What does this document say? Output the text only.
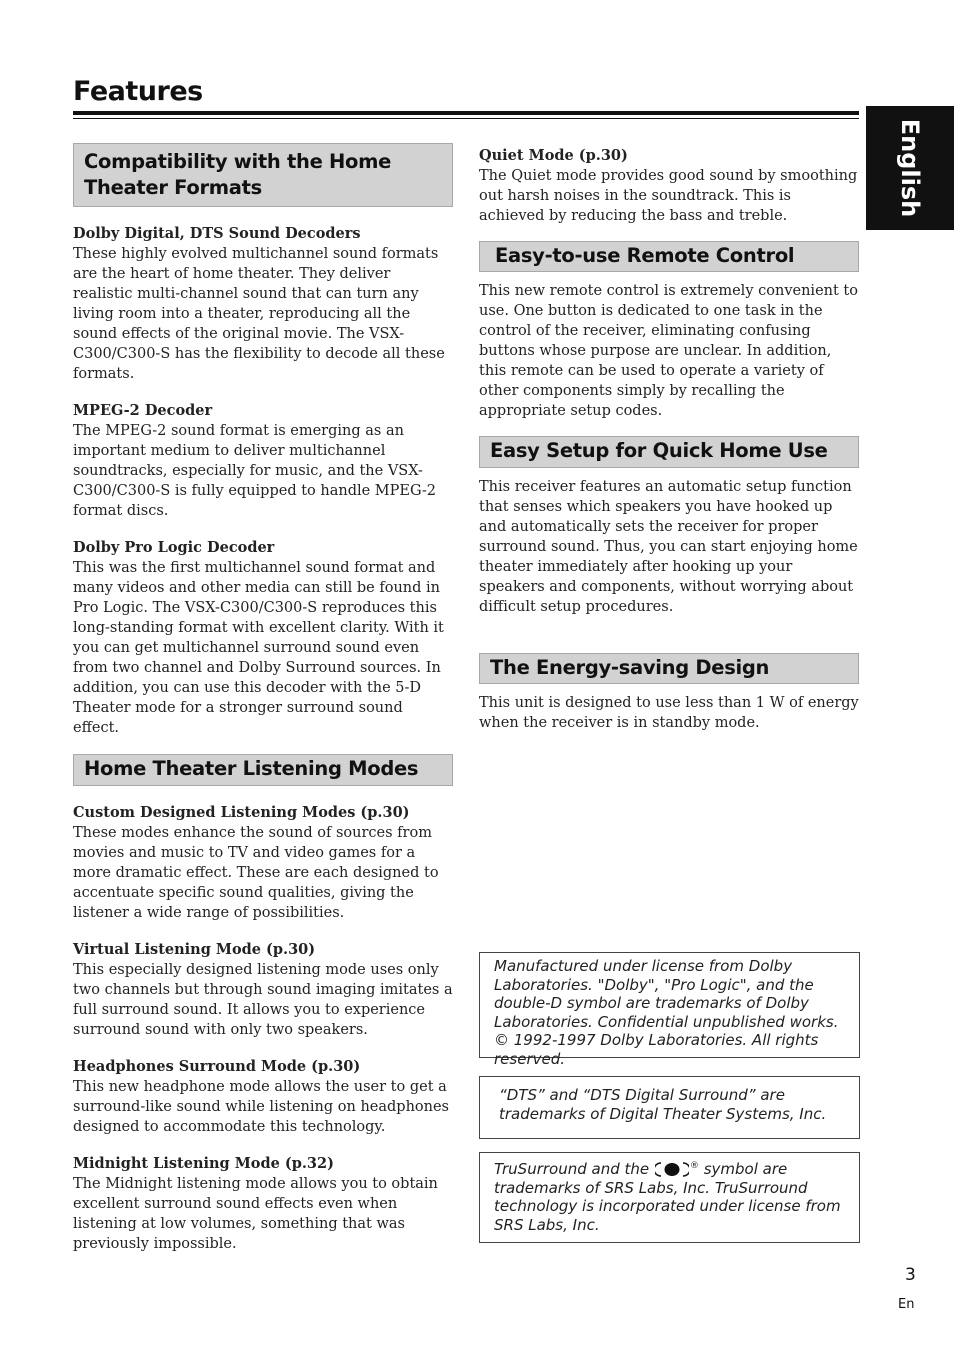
Features
English
Compatibility with the Home Theater Formats
Dolby Digital, DTS Sound Decoders
These highly evolved multichannel sound formats are the heart of home theater. They deliver realistic multi-channel sound that can turn any living room into a theater, reproducing all the sound effects of the original movie. The VSX-C300/C300-S has the flexibility to decode all these formats.
MPEG-2 Decoder
The MPEG-2 sound format is emerging as an important medium to deliver multichannel soundtracks, especially for music, and the VSX-C300/C300-S is fully equipped to handle MPEG-2 format discs.
Dolby Pro Logic Decoder
This was the first multichannel sound format and many videos and other media can still be found in Pro Logic. The VSX-C300/C300-S reproduces this long-standing format with excellent clarity. With it you can get multichannel surround sound even from two channel and Dolby Surround sources. In addition, you can use this decoder with the 5-D Theater mode for a stronger surround sound effect.
Home Theater Listening Modes
Custom Designed Listening Modes (p.30)
These modes enhance the sound of sources from movies and music to TV and video games for a more dramatic effect. These are each designed to accentuate specific sound qualities, giving the listener a wide range of possibilities.
Virtual Listening Mode (p.30)
This especially designed listening mode uses only two channels but through sound imaging imitates a full surround sound. It allows you to experience surround sound with only two speakers.
Headphones Surround Mode (p.30)
This new headphone mode allows the user to get a surround-like sound while listening on headphones designed to accommodate this technology.
Midnight Listening Mode (p.32)
The Midnight listening mode allows you to obtain excellent surround sound effects even when listening at low volumes, something that was previously impossible.
Quiet Mode (p.30)
The Quiet mode provides good sound by smoothing out harsh noises in the soundtrack. This is achieved by reducing the bass and treble.
Easy-to-use Remote Control
This new remote control is extremely convenient to use. One button is dedicated to one task in the control of the receiver, eliminating confusing buttons whose purpose are unclear. In addition, this remote can be used to operate a variety of other components simply by recalling the appropriate setup codes.
Easy Setup for Quick Home Use
This receiver features an automatic setup function that senses which speakers you have hooked up and automatically sets the receiver for proper surround sound. Thus, you can start enjoying home theater immediately after hooking up your speakers and components, without worrying about difficult setup procedures.
The Energy-saving Design
This unit is designed to use less than 1 W of energy when the receiver is in standby mode.
Manufactured under license from Dolby Laboratories. "Dolby", "Pro Logic", and the double-D symbol are trademarks of Dolby Laboratories. Confidential unpublished works. © 1992-1997 Dolby Laboratories. All rights reserved.
“DTS” and “DTS Digital Surround” are trademarks of Digital Theater Systems, Inc.
TruSurround and the	® symbol are trademarks of SRS Labs, Inc. TruSurround technology is incorporated under license from SRS Labs, Inc.
3
En
